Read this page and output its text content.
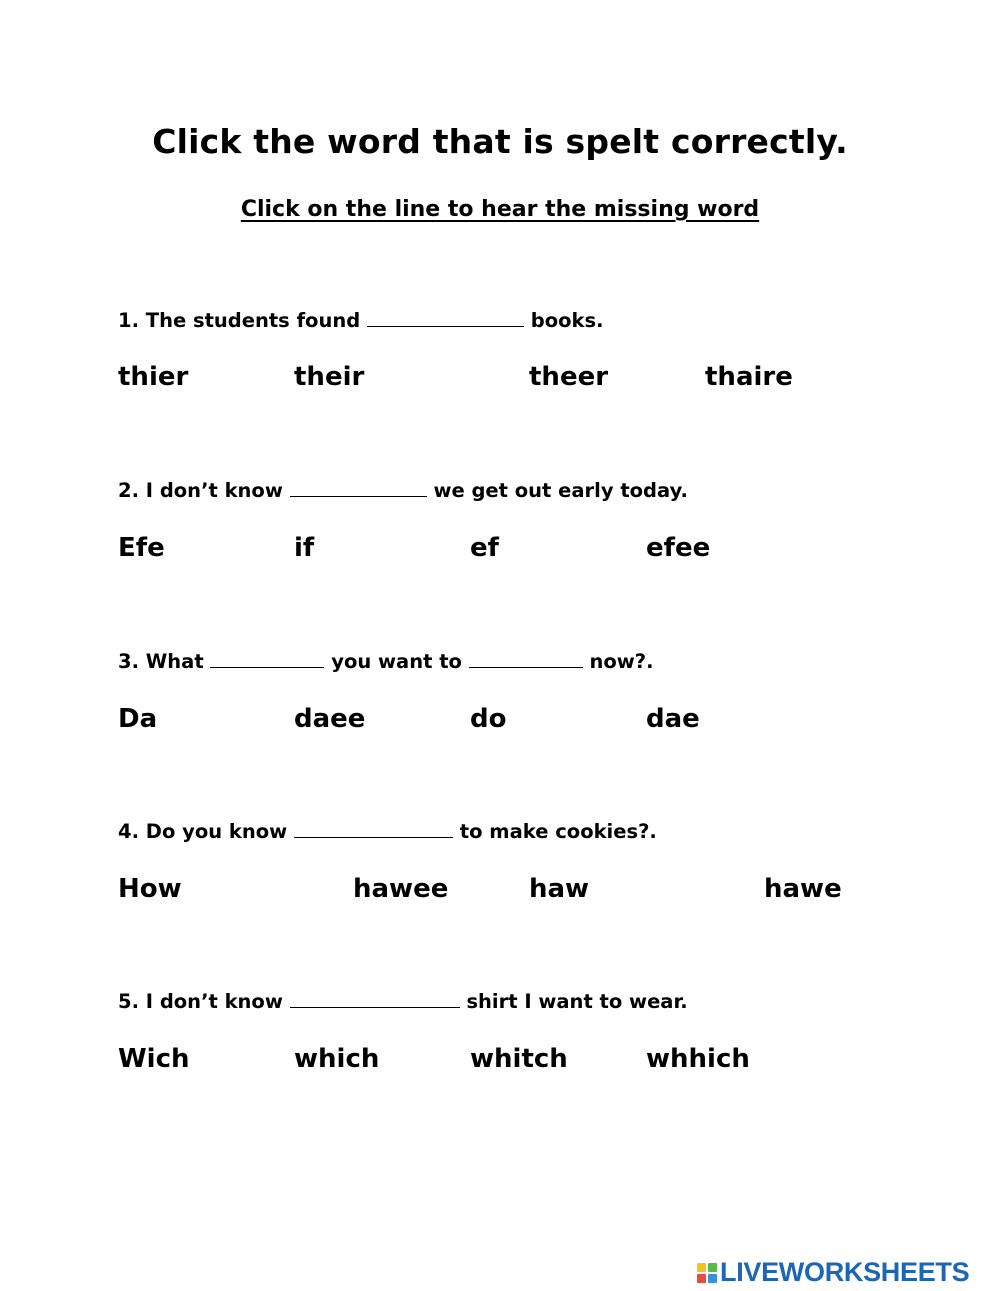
Click the word that is spelt correctly.
Click on the line to hear the missing word

1. The students found	books.

thier	their	theer	thaire

2. I don’t know	we get out early today.

Efe	if	ef	efee

3. What	you want to	now?.

Da	daee	do	dae

4. Do you know	to make cookies?.

How	hawee	haw	hawe

5. I don’t know	shirt I want to wear.

Wich	which	whitch	whhich
LIVEWORKSHEETS
